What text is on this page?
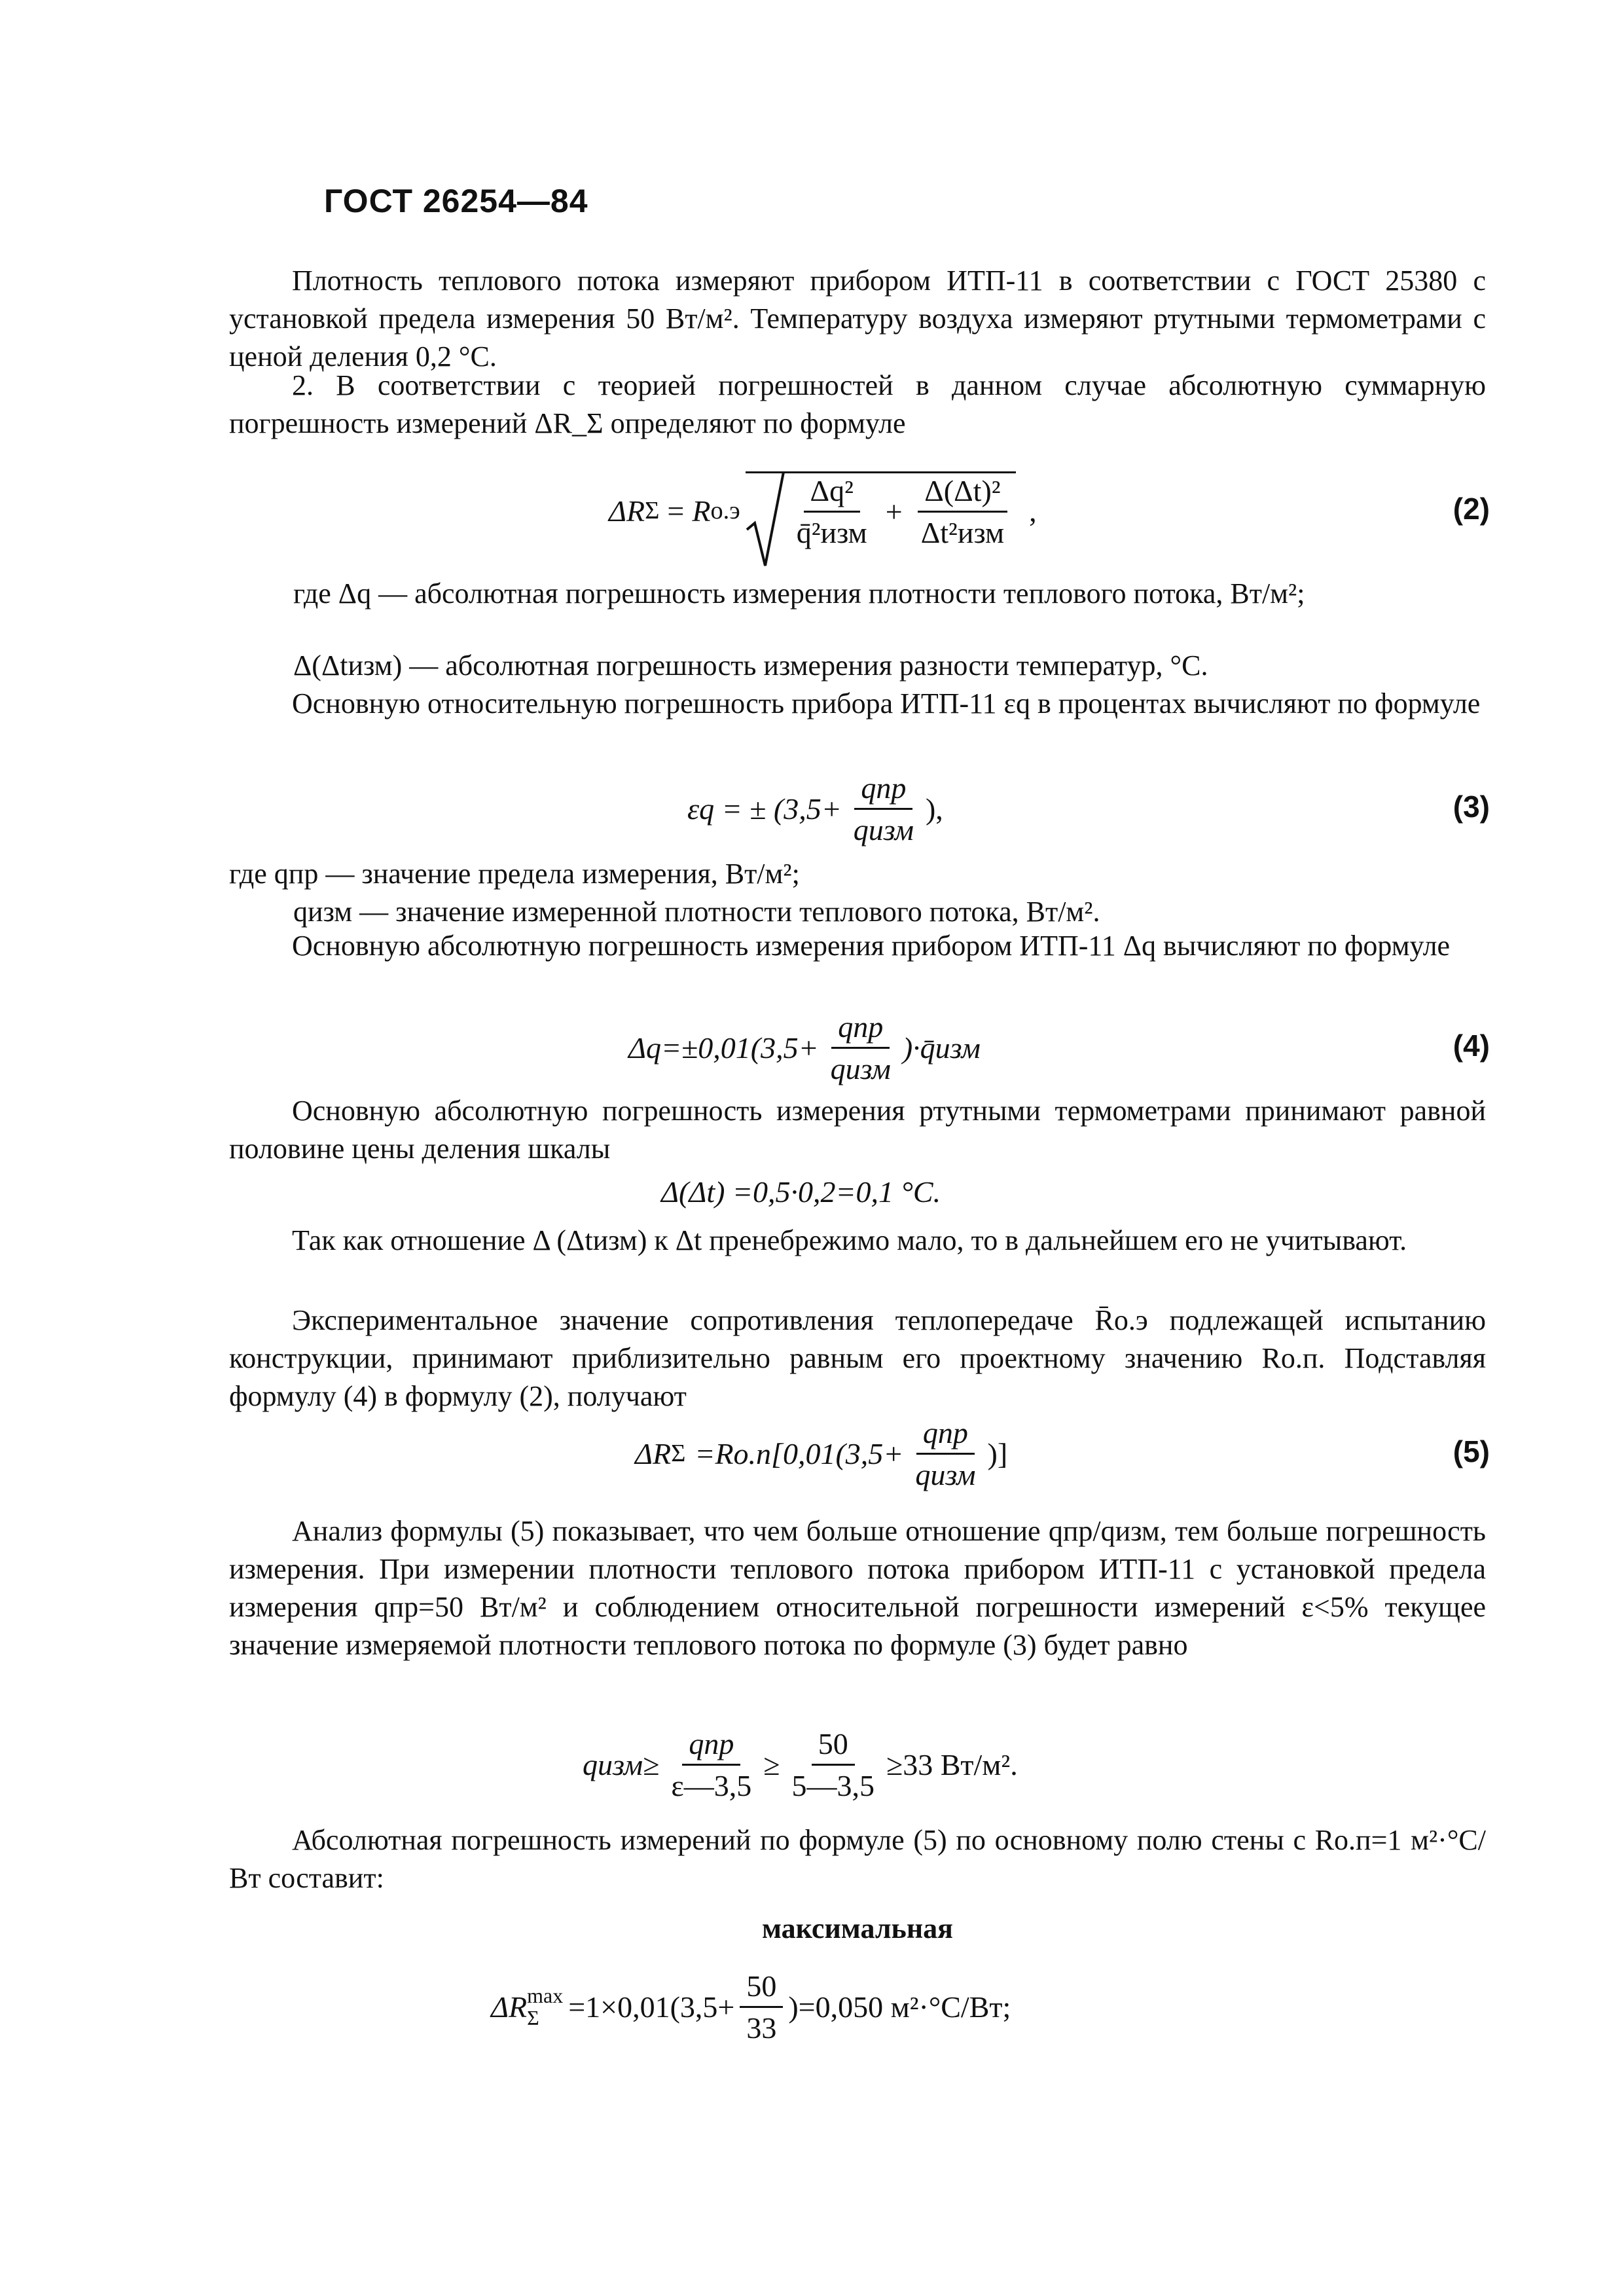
ГОСТ 26254—84
Плотность теплового потока измеряют прибором ИТП-11 в соответствии с ГОСТ 25380 с установкой предела измерения 50 Вт/м². Температуру воздуха измеряют ртутными термометрами с ценой деления 0,2 °С.
2. В соответствии с теорией погрешностей в данном случае абсолютную суммарную погрешность измерений ΔR_Σ определяют по формуле
ΔR Σ = R $о.э \frac{\text{Δq²}}{\text{q̄²изм}} + \frac{\text{Δ(Δt)²}}{\text{Δt²изм}}$ ,	(2)
где Δq — абсолютная погрешность измерения плотности теплового потока, Вт/м²;
Δ(Δtизм) — абсолютная погрешность измерения разности температур, °С.
Основную относительную погрешность прибора ИТП-11 εq в процентах вычисляют по формуле
εq = ± ($3,5+ \frac{\text{qпр}}{\text{qизм}}$ ),	(3)
где qпр — значение предела измерения, Вт/м²;
qизм — значение измеренной плотности теплового потока, Вт/м².
Основную абсолютную погрешность измерения прибором ИТП-11 Δq вычисляют по формуле
$\Delta q=\pm 0,01(3,5+ \frac{\text{qпр}}{\text{qизм}}$ )·q̄изм	(4)
Основную абсолютную погрешность измерения ртутными термометрами принимают равной половине цены деления шкалы
Δ(Δt) =0,5·0,2=0,1 °С.
Так как отношение Δ (Δtизм) к Δt пренебрежимо мало, то в дальнейшем его не учитывают.
Экспериментальное значение сопротивления теплопередаче R̄о.э подлежащей испытанию конструкции, принимают приблизительно равным его проектному значению Rо.п. Подставляя формулу (4) в формулу (2), получают
ΔR $\Sigma =Rо.п[0,01(3,5+ \frac{\text{qпр}}{\text{qизм}}$ )]	(5)
Анализ формулы (5) показывает, что чем больше отношение qпр/qизм, тем больше погрешность измерения. При измерении плотности теплового потока прибором ИТП-11 с установкой предела измерения qпр=50 Вт/м² и соблюдением относительной погрешности измерений ε<5% текущее значение измеряемой плотности теплового потока по формуле (3) будет равно
qизм≥ $\frac{\text{qпр}}{\varepsilon—3,5} \ge \frac{50}{5—3,5} \ge 33$ Вт/м².
Абсолютная погрешность измерений по формуле (5) по основному полю стены с Rо.п=1 м²·°С/Вт составит:
максимальная
ΔR max
$\Sigma =1\times 0,01(3,5+ \frac{50}{33} )=0,050$ м²·°С/Вт;
